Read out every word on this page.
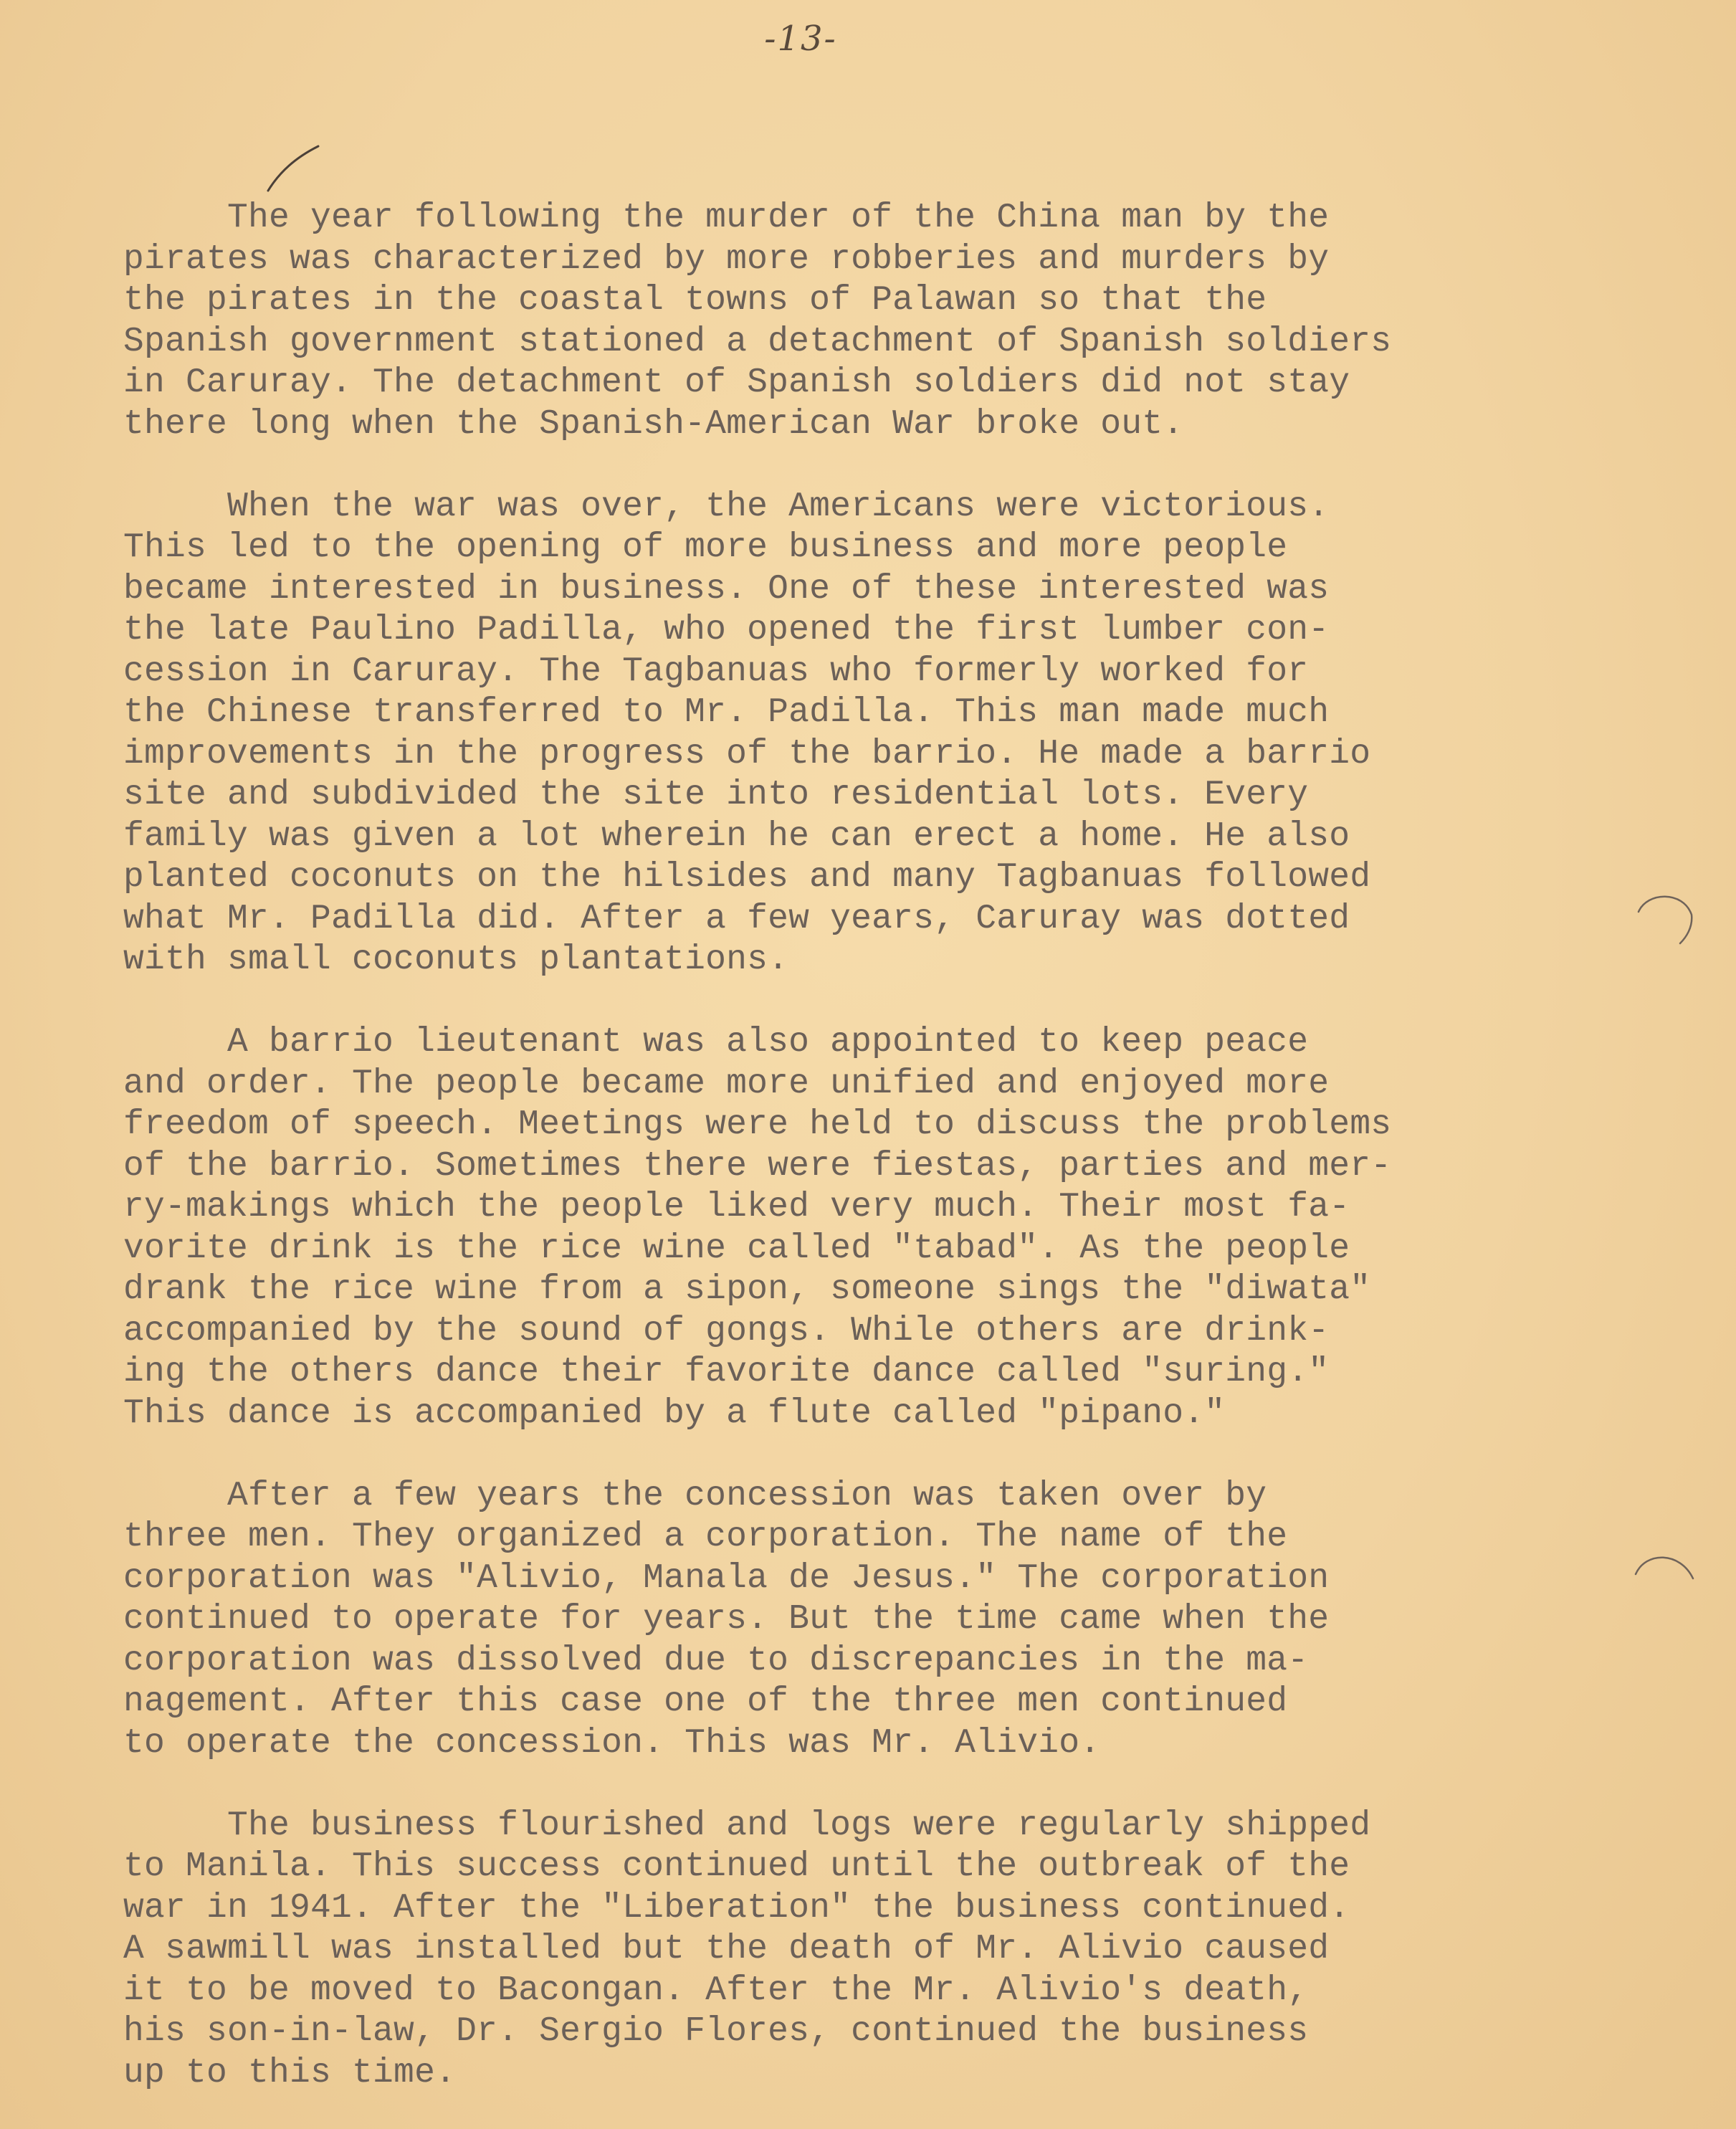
-13-
The year following the murder of the China man by the
pirates was characterized by more robberies and murders by
the pirates in the coastal towns of Palawan so that the
Spanish government stationed a detachment of Spanish soldiers
in Caruray. The detachment of Spanish soldiers did not stay
there long when the Spanish-American War broke out.
When the war was over, the Americans were victorious.
This led to the opening of more business and more people
became interested in business. One of these interested was
the late Paulino Padilla, who opened the first lumber con-
cession in Caruray. The Tagbanuas who formerly worked for
the Chinese transferred to Mr. Padilla. This man made much
improvements in the progress of the barrio. He made a barrio
site and subdivided the site into residential lots. Every
family was given a lot wherein he can erect a home. He also
planted coconuts on the hilsides and many Tagbanuas followed
what Mr. Padilla did. After a few years, Caruray was dotted
with small coconuts plantations.
A barrio lieutenant was also appointed to keep peace
and order. The people became more unified and enjoyed more
freedom of speech. Meetings were held to discuss the problems
of the barrio. Sometimes there were fiestas, parties and mer-
ry-makings which the people liked very much. Their most fa-
vorite drink is the rice wine called "tabad". As the people
drank the rice wine from a sipon, someone sings the "diwata"
accompanied by the sound of gongs. While others are drink-
ing the others dance their favorite dance called "suring."
This dance is accompanied by a flute called "pipano."
After a few years the concession was taken over by
three men. They organized a corporation. The name of the
corporation was "Alivio, Manala de Jesus." The corporation
continued to operate for years. But the time came when the
corporation was dissolved due to discrepancies in the ma-
nagement. After this case one of the three men continued
to operate the concession. This was Mr. Alivio.
The business flourished and logs were regularly shipped
to Manila. This success continued until the outbreak of the
war in 1941. After the "Liberation" the business continued.
A sawmill was installed but the death of Mr. Alivio caused
it to be moved to Bacongan. After the Mr. Alivio's death,
his son-in-law, Dr. Sergio Flores, continued the business
up to this time.
